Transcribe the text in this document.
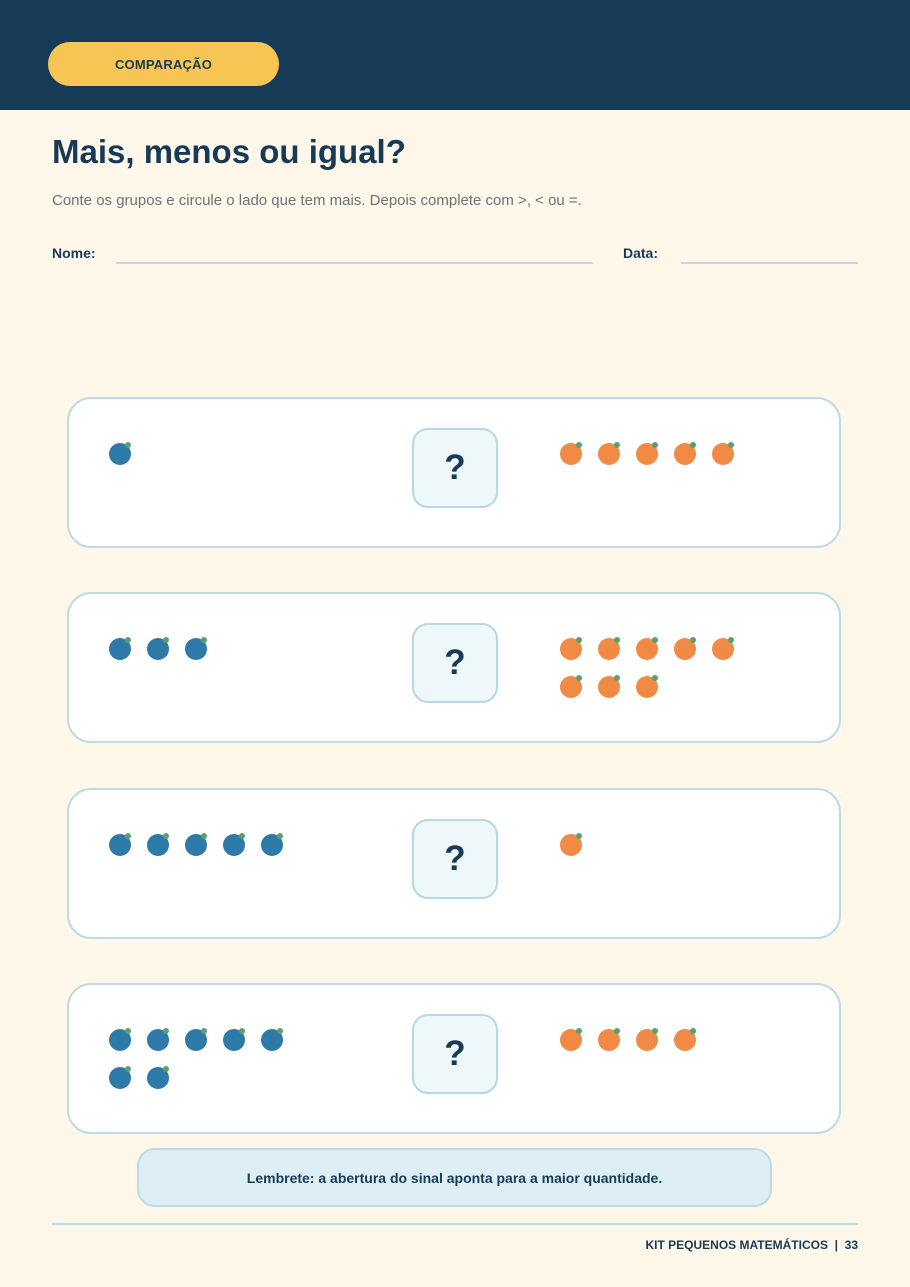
COMPARAÇÃO
Mais, menos ou igual?

Conte os grupos e circule o lado que tem mais. Depois complete com >, < ou =.

Nome:	Data:
?
?
?
?
Lembrete: a abertura do sinal aponta para a maior quantidade.
KIT PEQUENOS MATEMÁTICOS  |  33
